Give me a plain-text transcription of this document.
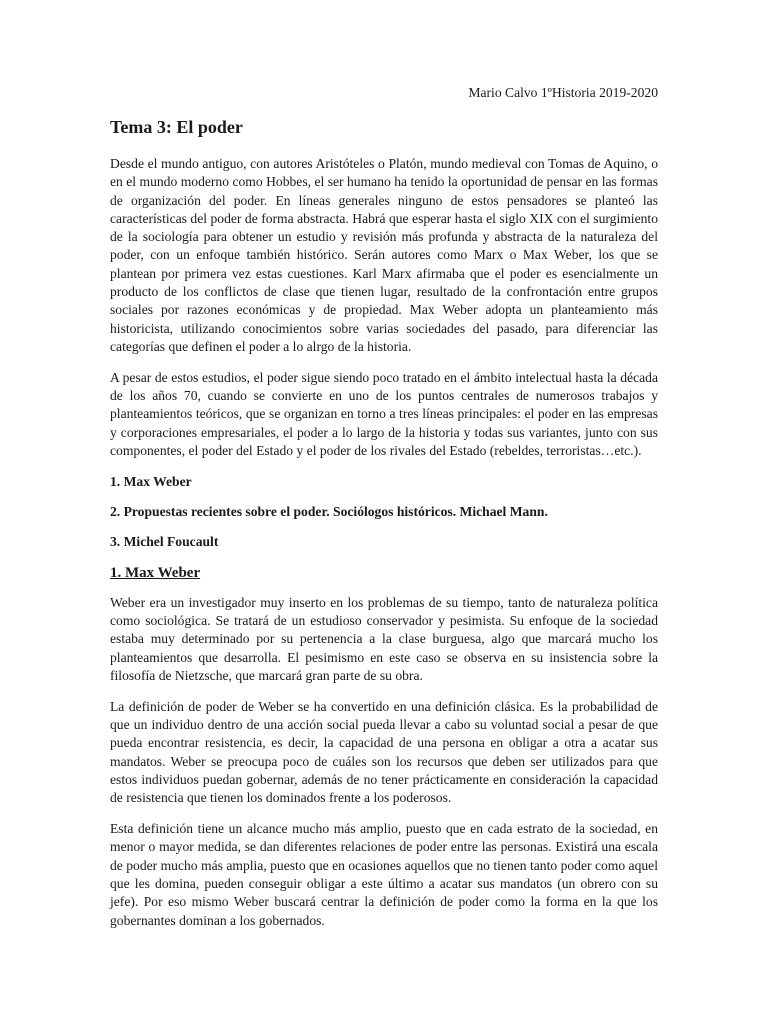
Mario Calvo 1ºHistoria 2019-2020

Tema 3: El poder

Desde el mundo antiguo, con autores Aristóteles o Platón, mundo medieval con Tomas de Aquino, o en el mundo moderno como Hobbes, el ser humano ha tenido la oportunidad de pensar en las formas de organización del poder. En líneas generales ninguno de estos pensadores se planteó las características del poder de forma abstracta. Habrá que esperar hasta el siglo XIX con el surgimiento de la sociología para obtener un estudio y revisión más profunda y abstracta de la naturaleza del poder, con un enfoque también histórico. Serán autores como Marx o Max Weber, los que se plantean por primera vez estas cuestiones. Karl Marx afirmaba que el poder es esencialmente un producto de los conflictos de clase que tienen lugar, resultado de la confrontación entre grupos sociales por razones económicas y de propiedad. Max Weber adopta un planteamiento más historicista, utilizando conocimientos sobre varias sociedades del pasado, para diferenciar las categorías que definen el poder a lo alrgo de la historia.

A pesar de estos estudios, el poder sigue siendo poco tratado en el ámbito intelectual hasta la década de los años 70, cuando se convierte en uno de los puntos centrales de numerosos trabajos y planteamientos teóricos, que se organizan en torno a tres líneas principales: el poder en las empresas y corporaciones empresariales, el poder a lo largo de la historia y todas sus variantes, junto con sus componentes, el poder del Estado y el poder de los rivales del Estado (rebeldes, terroristas…etc.).

1. Max Weber

2. Propuestas recientes sobre el poder. Sociólogos históricos. Michael Mann.

3. Michel Foucault

1. Max Weber

Weber era un investigador muy inserto en los problemas de su tiempo, tanto de naturaleza política como sociológica. Se tratará de un estudioso conservador y pesimista. Su enfoque de la sociedad estaba muy determinado por su pertenencia a la clase burguesa, algo que marcará mucho los planteamientos que desarrolla. El pesimismo en este caso se observa en su insistencia sobre la filosofía de Nietzsche, que marcará gran parte de su obra.

La definición de poder de Weber se ha convertido en una definición clásica. Es la probabilidad de que un individuo dentro de una acción social pueda llevar a cabo su voluntad social a pesar de que pueda encontrar resistencia, es decir, la capacidad de una persona en obligar a otra a acatar sus mandatos. Weber se preocupa poco de cuáles son los recursos que deben ser utilizados para que estos individuos puedan gobernar, además de no tener prácticamente en consideración la capacidad de resistencia que tienen los dominados frente a los poderosos.

Esta definición tiene un alcance mucho más amplio, puesto que en cada estrato de la sociedad, en menor o mayor medida, se dan diferentes relaciones de poder entre las personas. Existirá una escala de poder mucho más amplia, puesto que en ocasiones aquellos que no tienen tanto poder como aquel que les domina, pueden conseguir obligar a este último a acatar sus mandatos (un obrero con su jefe). Por eso mismo Weber buscará centrar la definición de poder como la forma en la que los gobernantes dominan a los gobernados.
